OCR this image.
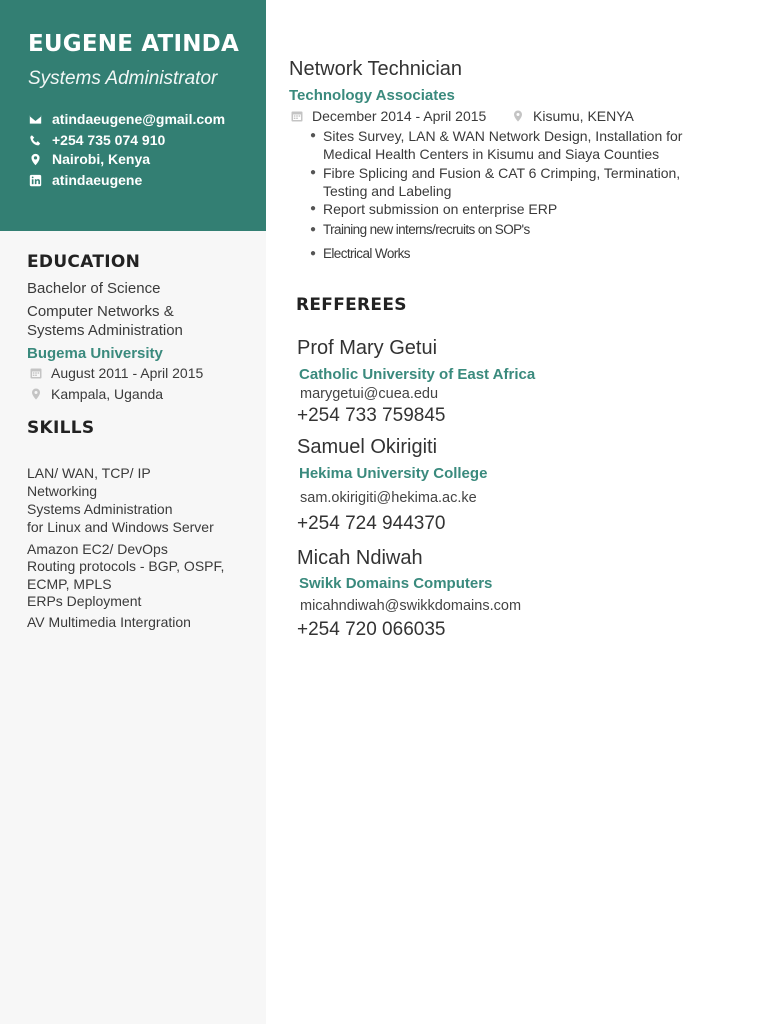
EUGENE ATINDA
Systems Administrator
atindaeugene@gmail.com
+254 735 074 910
Nairobi, Kenya
atindaeugene
EDUCATION
Bachelor of Science
Computer Networks &
Systems Administration
Bugema University
August 2011 - April 2015
Kampala, Uganda
SKILLS
LAN/ WAN, TCP/ IP
Networking
Systems Administration
for Linux and Windows Server
Amazon EC2/ DevOps
Routing protocols - BGP, OSPF,
ECMP, MPLS
ERPs Deployment
AV Multimedia Intergration
Network Technician
Technology Associates
December 2014 - April 2015	Kisumu, KENYA
● Sites Survey, LAN & WAN Network Design, Installation for
Medical Health Centers in Kisumu and Siaya Counties
● Fibre Splicing and Fusion & CAT 6 Crimping, Termination,
Testing and Labeling
● Report submission on enterprise ERP
● Training new interns/recruits on SOP's
● Electrical Works
REFFEREES
Prof Mary Getui
Catholic University of East Africa
marygetui@cuea.edu
+254 733 759845
Samuel Okirigiti
Hekima University College
sam.okirigiti@hekima.ac.ke
+254 724 944370
Micah Ndiwah
Swikk Domains Computers
micahndiwah@swikkdomains.com
+254 720 066035
